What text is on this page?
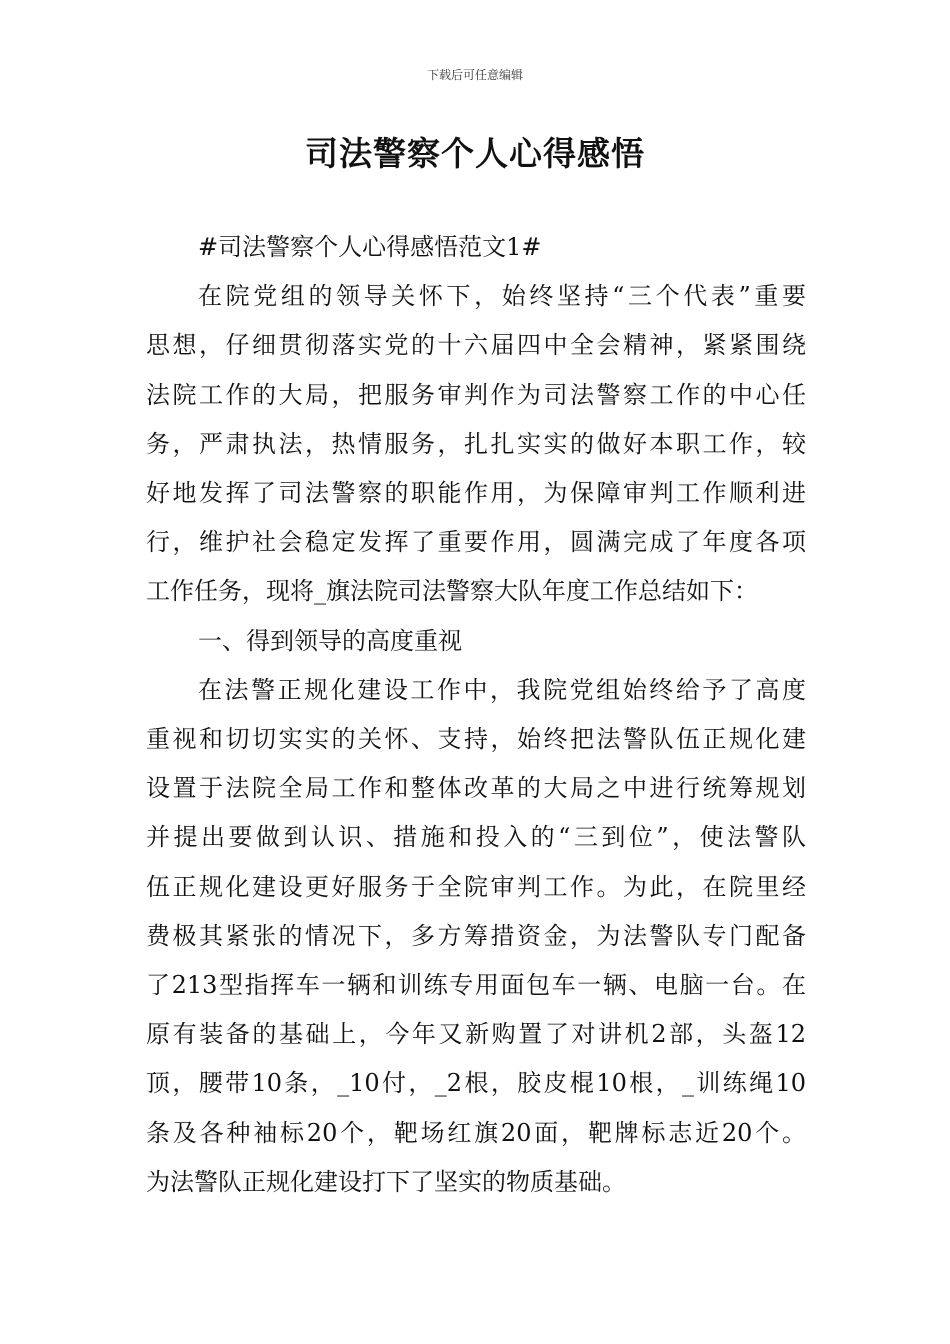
下载后可任意编辑
司法警察个人心得感悟
#司法警察个人心得感悟范文1#
在院党组的领导关怀下，始终坚持“三个代表”重要
思想，仔细贯彻落实党的十六届四中全会精神，紧紧围绕
法院工作的大局，把服务审判作为司法警察工作的中心任
务，严肃执法，热情服务，扎扎实实的做好本职工作，较
好地发挥了司法警察的职能作用，为保障审判工作顺利进
行，维护社会稳定发挥了重要作用，圆满完成了年度各项
工作任务，现将_旗法院司法警察大队年度工作总结如下：
一、得到领导的高度重视
在法警正规化建设工作中，我院党组始终给予了高度
重视和切切实实的关怀、支持，始终把法警队伍正规化建
设置于法院全局工作和整体改革的大局之中进行统筹规划
并提出要做到认识、措施和投入的“三到位”，使法警队
伍正规化建设更好服务于全院审判工作。为此，在院里经
费极其紧张的情况下，多方筹措资金，为法警队专门配备
了213型指挥车一辆和训练专用面包车一辆、电脑一台。在
原有装备的基础上，今年又新购置了对讲机2部，头盔12
顶，腰带10条，_10付，_2根，胶皮棍10根，_训练绳10
条及各种袖标20个，靶场红旗20面，靶牌标志近20个。
为法警队正规化建设打下了坚实的物质基础。
